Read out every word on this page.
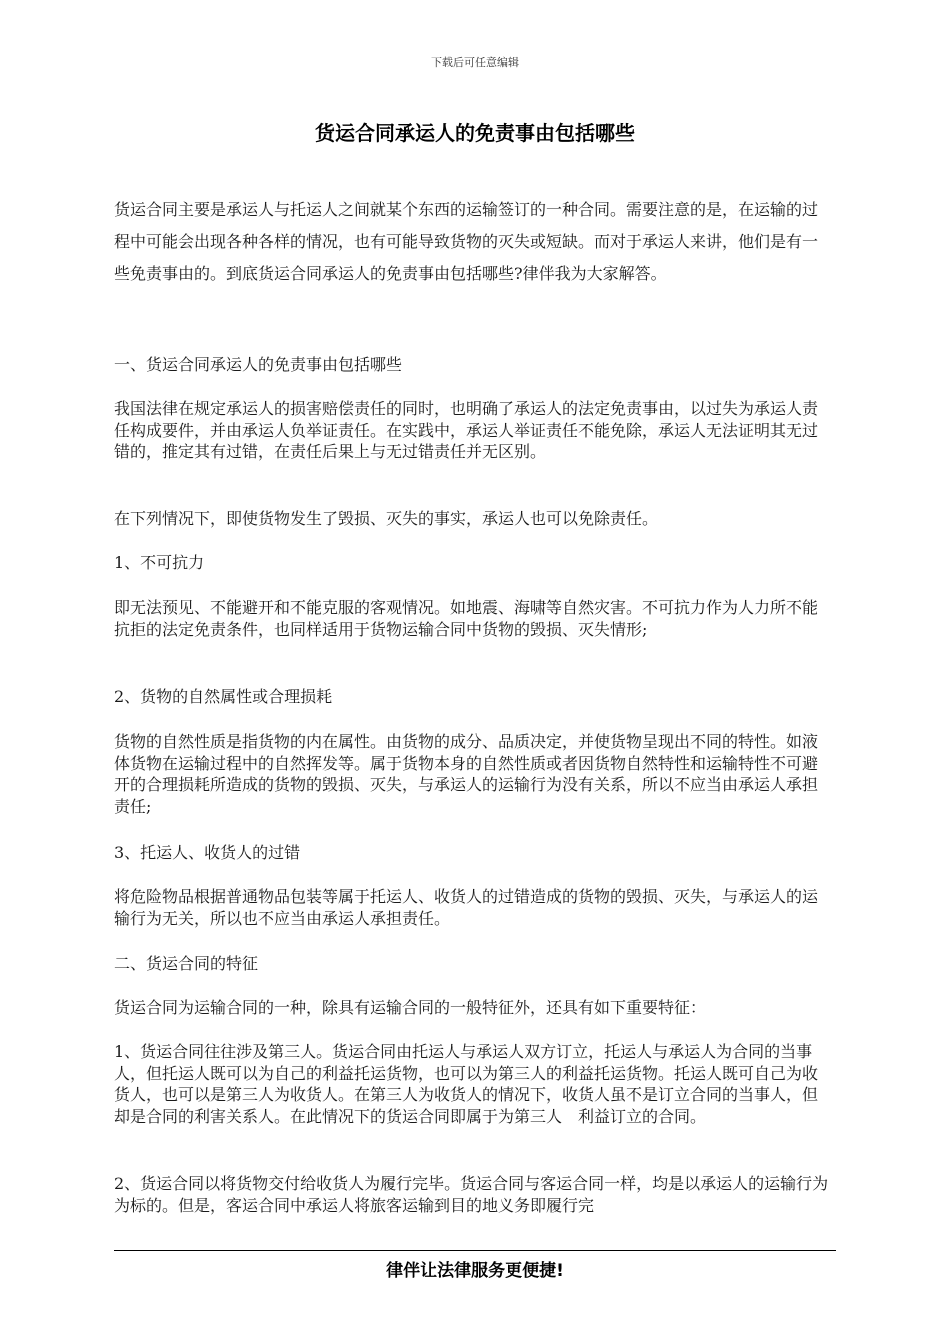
下载后可任意编辑
货运合同承运人的免责事由包括哪些

货运合同主要是承运人与托运人之间就某个东西的运输签订的一种合同。需要注意的是，在运输的过程中可能会出现各种各样的情况，也有可能导致货物的灭失或短缺。而对于承运人来讲，他们是有一些免责事由的。到底货运合同承运人的免责事由包括哪些?律伴我为大家解答。

一、货运合同承运人的免责事由包括哪些

我国法律在规定承运人的损害赔偿责任的同时，也明确了承运人的法定免责事由，以过失为承运人责任构成要件，并由承运人负举证责任。在实践中，承运人举证责任不能免除，承运人无法证明其无过错的，推定其有过错，在责任后果上与无过错责任并无区别。

在下列情况下，即使货物发生了毁损、灭失的事实，承运人也可以免除责任。

1、不可抗力

即无法预见、不能避开和不能克服的客观情况。如地震、海啸等自然灾害。不可抗力作为人力所不能抗拒的法定免责条件，也同样适用于货物运输合同中货物的毁损、灭失情形;

2、货物的自然属性或合理损耗

货物的自然性质是指货物的内在属性。由货物的成分、品质决定，并使货物呈现出不同的特性。如液体货物在运输过程中的自然挥发等。属于货物本身的自然性质或者因货物自然特性和运输特性不可避开的合理损耗所造成的货物的毁损、灭失，与承运人的运输行为没有关系，所以不应当由承运人承担责任;

3、托运人、收货人的过错

将危险物品根据普通物品包装等属于托运人、收货人的过错造成的货物的毁损、灭失，与承运人的运输行为无关，所以也不应当由承运人承担责任。

二、货运合同的特征

货运合同为运输合同的一种，除具有运输合同的一般特征外，还具有如下重要特征：

1、货运合同往往涉及第三人。货运合同由托运人与承运人双方订立，托运人与承运人为合同的当事人，但托运人既可以为自己的利益托运货物，也可以为第三人的利益托运货物。托运人既可自己为收货人，也可以是第三人为收货人。在第三人为收货人的情况下，收货人虽不是订立合同的当事人，但却是合同的利害关系人。在此情况下的货运合同即属于为第三人　利益订立的合同。

2、货运合同以将货物交付给收货人为履行完毕。货运合同与客运合同一样，均是以承运人的运输行为为标的。但是，客运合同中承运人将旅客运输到目的地义务即履行完

律伴让法律服务更便捷!
